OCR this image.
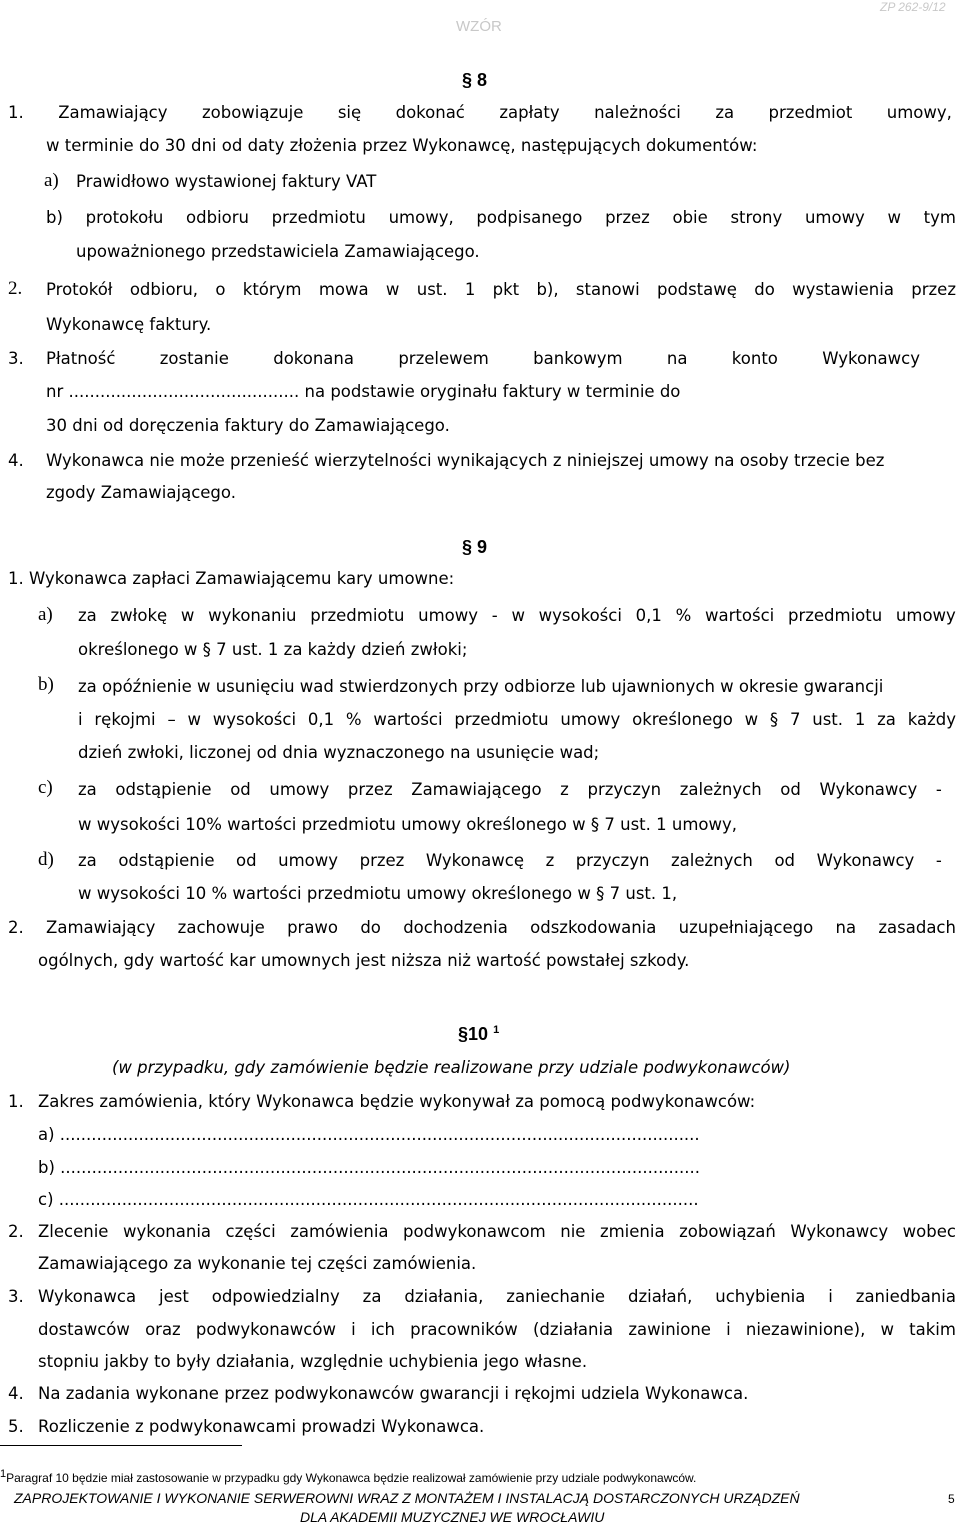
WZÓR
ZP 262-9/12
§ 8
1. Zamawiający zobowiązuje się dokonać zapłaty należności za przedmiot umowy,
w terminie do 30 dni od daty złożenia przez Wykonawcę, następujących dokumentów:
a) Prawidłowo wystawionej faktury VAT
b) protokołu odbioru przedmiotu umowy, podpisanego przez obie strony umowy w tym
upoważnionego przedstawiciela Zamawiającego.
2. Protokół odbioru, o którym mowa w ust. 1 pkt b), stanowi podstawę do wystawienia przez
Wykonawcę faktury.
3. Płatność	zostanie	dokonana	przelewem	bankowym	na	konto	Wykonawcy
nr ............................................ na podstawie oryginału faktury w terminie do
30 dni od doręczenia faktury do Zamawiającego.
4. Wykonawca nie może przenieść wierzytelności wynikających z niniejszej umowy na osoby trzecie bez
zgody Zamawiającego.
§ 9
1. Wykonawca zapłaci Zamawiającemu kary umowne:
a) za zwłokę w wykonaniu przedmiotu umowy - w wysokości 0,1 % wartości przedmiotu umowy
określonego w § 7 ust. 1 za każdy dzień zwłoki;
b) za opóźnienie w usunięciu wad stwierdzonych przy odbiorze lub ujawnionych w okresie gwarancji
i rękojmi – w wysokości 0,1 % wartości przedmiotu umowy określonego w § 7 ust. 1 za każdy
dzień zwłoki, liczonej od dnia wyznaczonego na usunięcie wad;
c) za odstąpienie od umowy przez Zamawiającego z przyczyn zależnych od Wykonawcy -
w wysokości 10% wartości przedmiotu umowy określonego w § 7 ust. 1 umowy,
d) za odstąpienie od umowy przez Wykonawcę z przyczyn zależnych od Wykonawcy -
w wysokości 10 % wartości przedmiotu umowy określonego w § 7 ust. 1,
2. Zamawiający zachowuje prawo do dochodzenia odszkodowania uzupełniającego na zasadach
ogólnych, gdy wartość kar umownych jest niższa niż wartość powstałej szkody.
§10 $^1$
(w przypadku, gdy zamówienie będzie realizowane przy udziale podwykonawców)
1. Zakres zamówienia, który Wykonawca będzie wykonywał za pomocą podwykonawców:
a) ..........................................................................................................................
b) ..........................................................................................................................
c) ..........................................................................................................................
2. Zlecenie wykonania części zamówienia podwykonawcom nie zmienia zobowiązań Wykonawcy wobec
Zamawiającego za wykonanie tej części zamówienia.
3. Wykonawca jest odpowiedzialny za działania, zaniechanie działań, uchybienia i zaniedbania
dostawców oraz podwykonawców i ich pracowników (działania zawinione i niezawinione), w takim
stopniu jakby to były działania, względnie uchybienia jego własne.
4. Na zadania wykonane przez podwykonawców gwarancji i rękojmi udziela Wykonawca.
5. Rozliczenie z podwykonawcami prowadzi Wykonawca.
1Paragraf 10 będzie miał zastosowanie w przypadku gdy Wykonawca będzie realizował zamówienie przy udziale podwykonawców.
ZAPROJEKTOWANIE I WYKONANIE SERWEROWNI WRAZ Z MONTAŻEM I INSTALACJĄ DOSTARCZONYCH URZĄDZEŃ	5
DLA AKADEMII MUZYCZNEJ WE WROCŁAWIU
